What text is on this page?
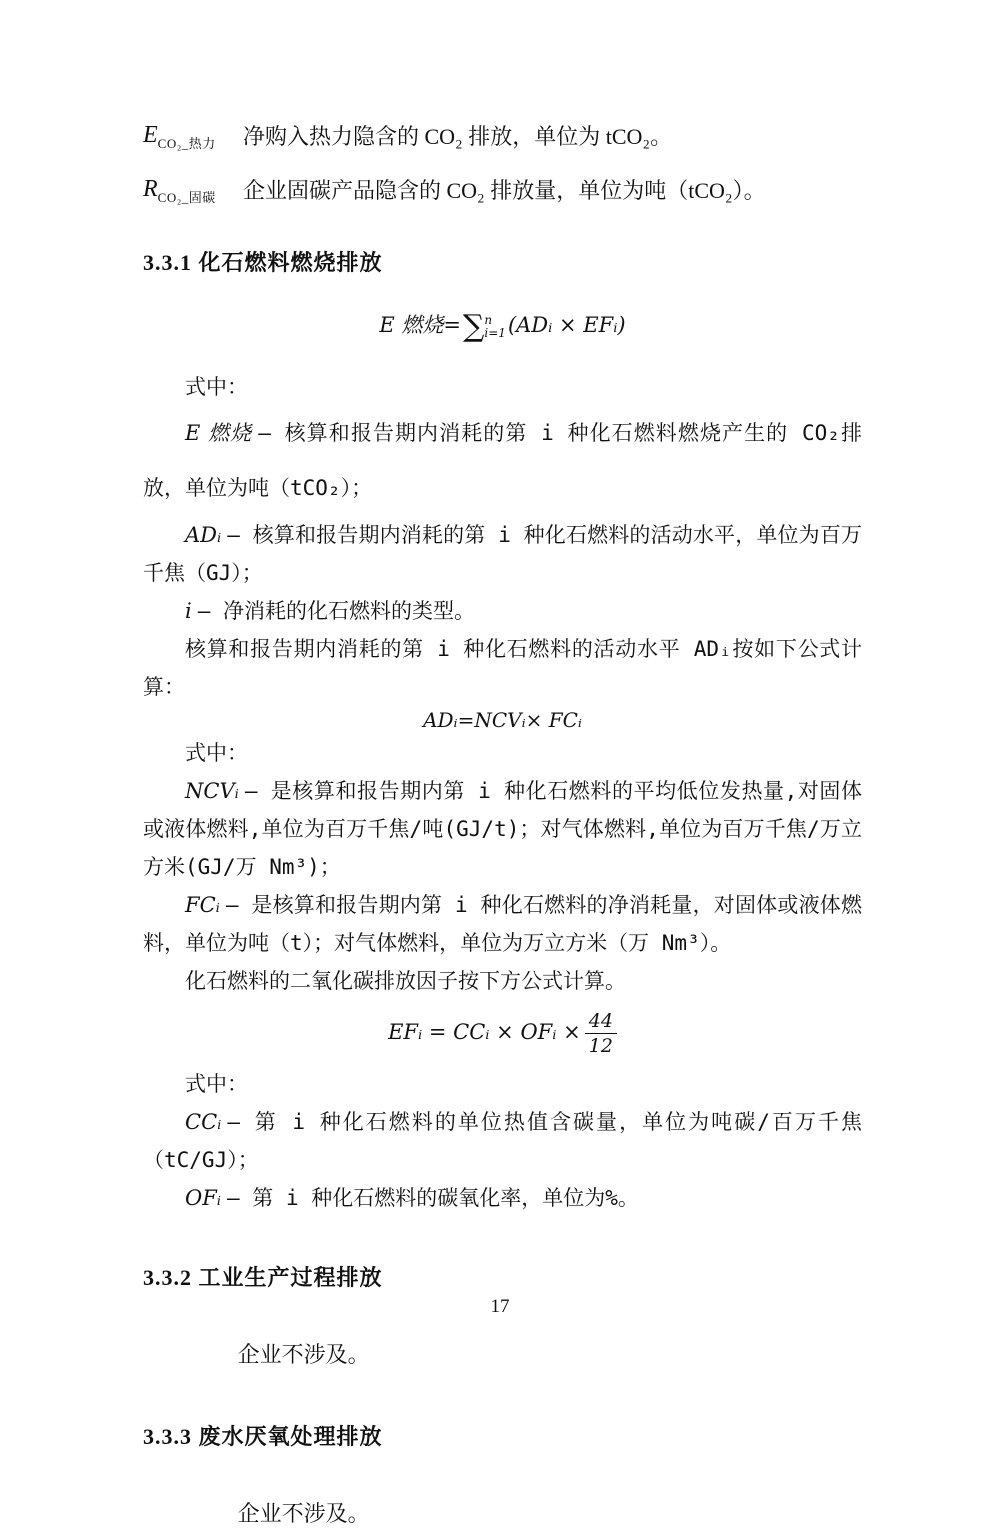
$E_{CO_2\_热力}$	净购入热力隐含的 CO₂ 排放，单位为 tCO₂。
$R_{CO_2\_固碳}$	企业固碳产品隐含的 CO₂ 排放量，单位为吨（tCO₂）。
3.3.1 化石燃料燃烧排放
E 燃烧=∑ n
i=1 (ADᵢ × EFᵢ)

式中：

E 燃烧 — 核算和报告期内消耗的第 i 种化石燃料燃烧产生的 CO₂排放，单位为吨（tCO₂）；

ADᵢ — 核算和报告期内消耗的第 i 种化石燃料的活动水平，单位为百万千焦（GJ）；

i — 净消耗的化石燃料的类型。

核算和报告期内消耗的第 i 种化石燃料的活动水平 ADᵢ按如下公式计算：

ADᵢ=NCVᵢ× FCᵢ

式中：

NCVᵢ — 是核算和报告期内第 i 种化石燃料的平均低位发热量,对固体或液体燃料,单位为百万千焦/吨(GJ/t)；对气体燃料,单位为百万千焦/万立方米(GJ/万 Nm³)；

FCᵢ — 是核算和报告期内第 i 种化石燃料的净消耗量，对固体或液体燃料，单位为吨（t）；对气体燃料，单位为万立方米（万 Nm³）。

化石燃料的二氧化碳排放因子按下方公式计算。

EFᵢ = CCᵢ × OFᵢ × $\frac{44}{12}$

式中：

CCᵢ — 第 i 种化石燃料的单位热值含碳量，单位为吨碳/百万千焦（tC/GJ）；

OFᵢ — 第 i 种化石燃料的碳氧化率，单位为%。

3.3.2 工业生产过程排放

企业不涉及。

3.3.3 废水厌氧处理排放

企业不涉及。

17
